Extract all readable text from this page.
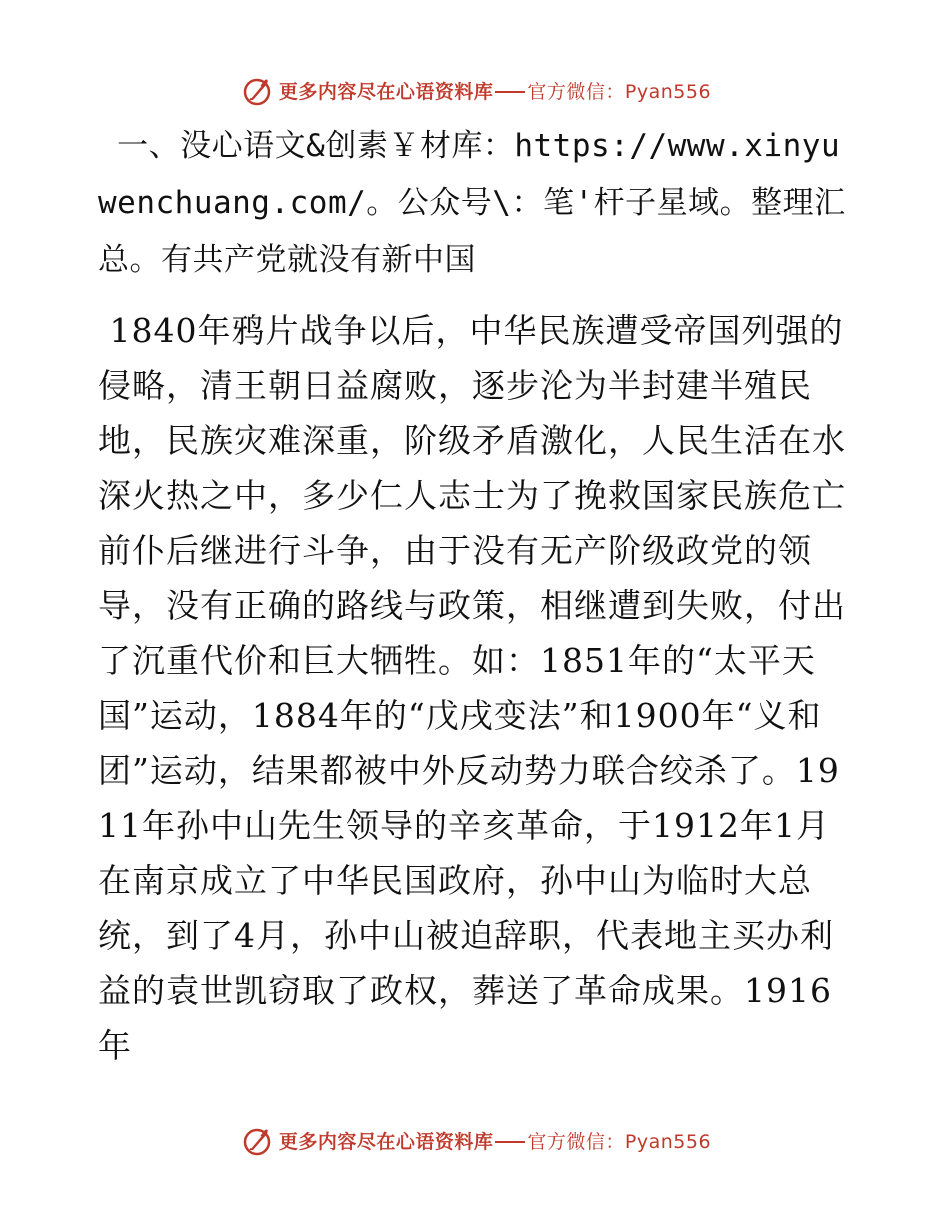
更多内容尽在心语资料库 官方微信：Pyan556

一、没心语文&创素￥材库：https://www.xinyuwenchuang.com/。公众号\：笔'杆子星域。整理汇总。有共产党就没有新中国

1840年鸦片战争以后，中华民族遭受帝国列强的侵略，清王朝日益腐败，逐步沦为半封建半殖民地，民族灾难深重，阶级矛盾激化，人民生活在水深火热之中，多少仁人志士为了挽救国家民族危亡前仆后继进行斗争，由于没有无产阶级政党的领导，没有正确的路线与政策，相继遭到失败，付出了沉重代价和巨大牺牲。如：1851年的“太平天国”运动，1884年的“戊戌变法”和1900年“义和团”运动，结果都被中外反动势力联合绞杀了。1911年孙中山先生领导的辛亥革命，于1912年1月在南京成立了中华民国政府，孙中山为临时大总统，到了4月，孙中山被迫辞职，代表地主买办利益的袁世凯窃取了政权，葬送了革命成果。1916年

更多内容尽在心语资料库 官方微信：Pyan556
